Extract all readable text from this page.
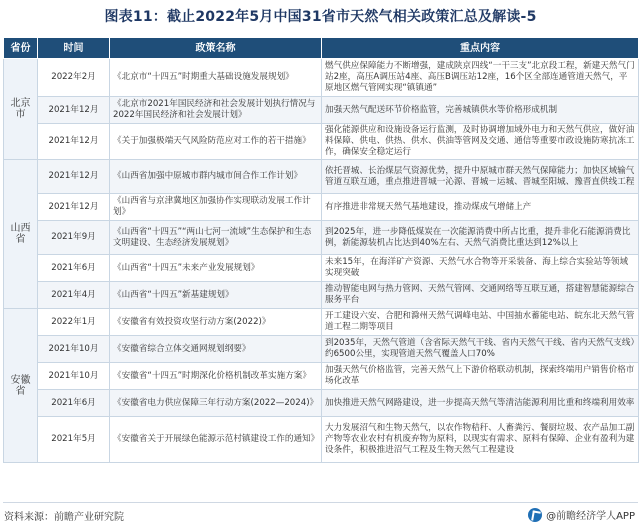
图表11：截止2022年5月中国31省市天然气相关政策汇总及解读-5
省份	时间	政策名称	重点内容
北京市	2022年2月	《北京市“十四五”时期重大基础设施发展规划》	燃气供应保障能力不断增强，建成陕京四线“一干三支”北京段工程，新建天然气门站2座，高压A调压站4座、高压B调压站12座，16个区全部连通管道天然气，平原地区燃气管网实现“镇镇通”
	2021年12月	《北京市2021年国民经济和社会发展计划执行情况与2022年国民经济和社会发展计划》	加强天然气配送环节价格监管，完善城镇供水等价格形成机制
	2021年12月	《关于加强极端天气风险防范应对工作的若干措施》	强化能源供应和设施设备运行监测，及时协调增加域外电力和天然气供应，做好油料保障、供电、供热、供水、供油等管网及交通、通信等重要市政设施防寒抗冻工作，确保安全稳定运行
山西省	2021年12月	《山西省加强中原城市群内城市间合作工作计划》	依托晋城、长治煤层气资源优势，提升中原城市群天然气保障能力；加快区域输气管道互联互通，重点推进晋城一沁源、晋城－运城、晋城至阳城、豫晋直供线工程
	2021年12月	《山西省与京津冀地区加强协作实现联动发展工作计划》	有序推进非常规天然气基地建设，推动煤成气增储上产
	2021年9月	《山西省“十四五”“两山七河一流域”生态保护和生态文明建设、生态经济发展规划》	到2025年，进一步降低煤炭在一次能源消费中所占比重，提升非化石能源消费比例，新能源装机占比达到40%左右、天然气消费比重达到12%以上
	2021年6月	《山西省“十四五”未来产业发展规划》	未来15年，在海洋矿产资源、天然气水合物等开采装备、海上综合实验站等领域实现突破
	2021年4月	《山西省“十四五”新基建规划》	推动智能电网与热力管网、天然气管网、交通网络等互联互通，搭建智慧能源综合服务平台
安徽省	2022年1月	《安徽省有效投资攻坚行动方案(2022)》	开工建设六安、合肥和滁州天然气调峰电站、中国抽水蓄能电站、皖东北天然气管道工程二期等项目
	2021年10月	《安徽省综合立体交通网规划纲要》	到2035年，天然气管道（含省际天然气干线、省内天然气干线、省内天然气支线）约6500公里，实现管道天然气覆盖人口70%
	2021年10月	《安徽省“十四五”时期深化价格机制改革实施方案》	加强天然气价格监管，完善天然气上下游价格联动机制，探索终端用户销售价格市场化改革
	2021年6月	《安徽省电力供应保障三年行动方案(2022—2024)》	加快推进天然气网路建设，进一步提高天然气等清洁能源利用比重和终端利用效率
	2021年5月	《安徽省关于开展绿色能源示范村镇建设工作的通知》	大力发展沼气和生物天然气，以农作物秸秆、人畜粪污、餐厨垃圾、农产品加工副产物等农业农村有机废弃物为原料，以现实有需求、原料有保障、企业有盈利为建设条件，积极推进沼气工程及生物天然气工程建设
资料来源：前瞻产业研究院	@前瞻经济学人APP
